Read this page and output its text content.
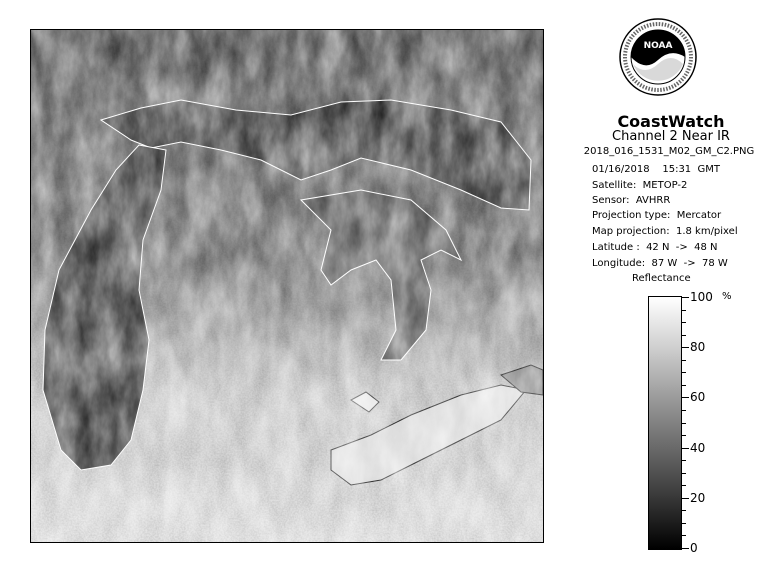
NOAA
CoastWatch
Channel 2 Near IR
2018_016_1531_M02_GM_C2.PNG
01/16/2018    15:31  GMT
Satellite:  METOP-2
Sensor:  AVHRR
Projection type:  Mercator
Map projection:  1.8 km/pixel
Latitude :  42 N  ->  48 N
Longitude:  87 W  ->  78 W
Reflectance
%
100
80
60
40
20
0
